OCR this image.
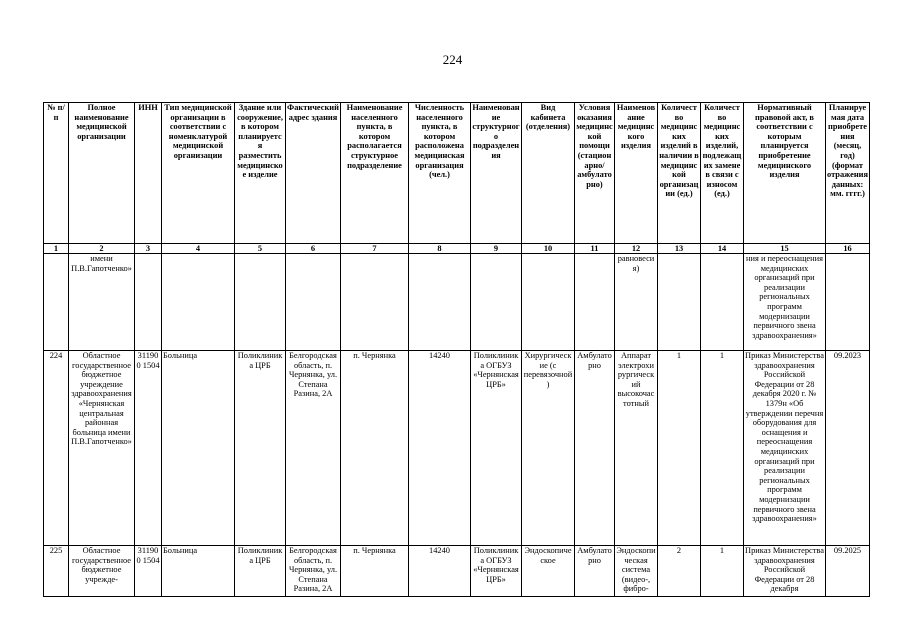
224
№ п/п	Полное наименование медицинской организации	ИНН	Тип медицинской организации в соответствии с номенклатурой медицинской организации	Здание или сооружение, в котором планируется разместить медицинское изделие	Фактический адрес здания	Наименование населенного пункта, в котором располагается структурное подразделение	Численность населенного пункта, в котором расположена медицинская организация (чел.)	Наименование структурного подразделения	Вид кабинета (отделения)	Условия оказания медицинской помощи (стационарно/ амбулаторно)	Наименование медицинского изделия	Количество медицинских изделий в наличии в медицинской организации (ед.)	Количество медицинских изделий, подлежащих замене в связи с износом (ед.)	Нормативный правовой акт, в соответствии с которым планируется приобретение медицинского изделия	Планируемая дата приобретения (месяц, год) (формат отражения данных: мм. гггг.)
1	2	3	4	5	6	7	8	9	10	11	12	13	14	15	16
	имени П.В.Гапотченко»										равновесия)			ния и переоснащения медицинских организаций при реализации региональных программ модернизации первичного звена здравоохранения»	
224	Областное государственное бюджетное учреждение здравоохранения «Чернянская центральная районная больница имени П.В.Гапотченко»	311900 1504	Больница	Поликлиника ЦРБ	Белгородская область, п. Чернянка, ул. Степана Разина, 2А	п. Чернянка	14240	Поликлиника ОГБУЗ «Чернянская ЦРБ»	Хирургические (с перевязочной)	Амбулаторно	Аппарат электрохирургический высокочастотный	1	1	Приказ Министерства здравоохранения Российской Федерации от 28 декабря 2020 г. № 1379н «Об утверждении перечня оборудования для оснащения и переоснащения медицинских организаций при реализации региональных программ модернизации первичного звена здравоохранения»	09.2023
225	Областное государственное бюджетное учрежде-	311900 1504	Больница	Поликлиника ЦРБ	Белгородская область, п. Чернянка, ул. Степана Разина, 2А	п. Чернянка	14240	Поликлиника ОГБУЗ «Чернянская ЦРБ»	Эндоскопическое	Амбулаторно	Эндоскопическая система (видео-, фибро-	2	1	Приказ Министерства здравоохранения Российской Федерации от 28 декабря	09.2025
